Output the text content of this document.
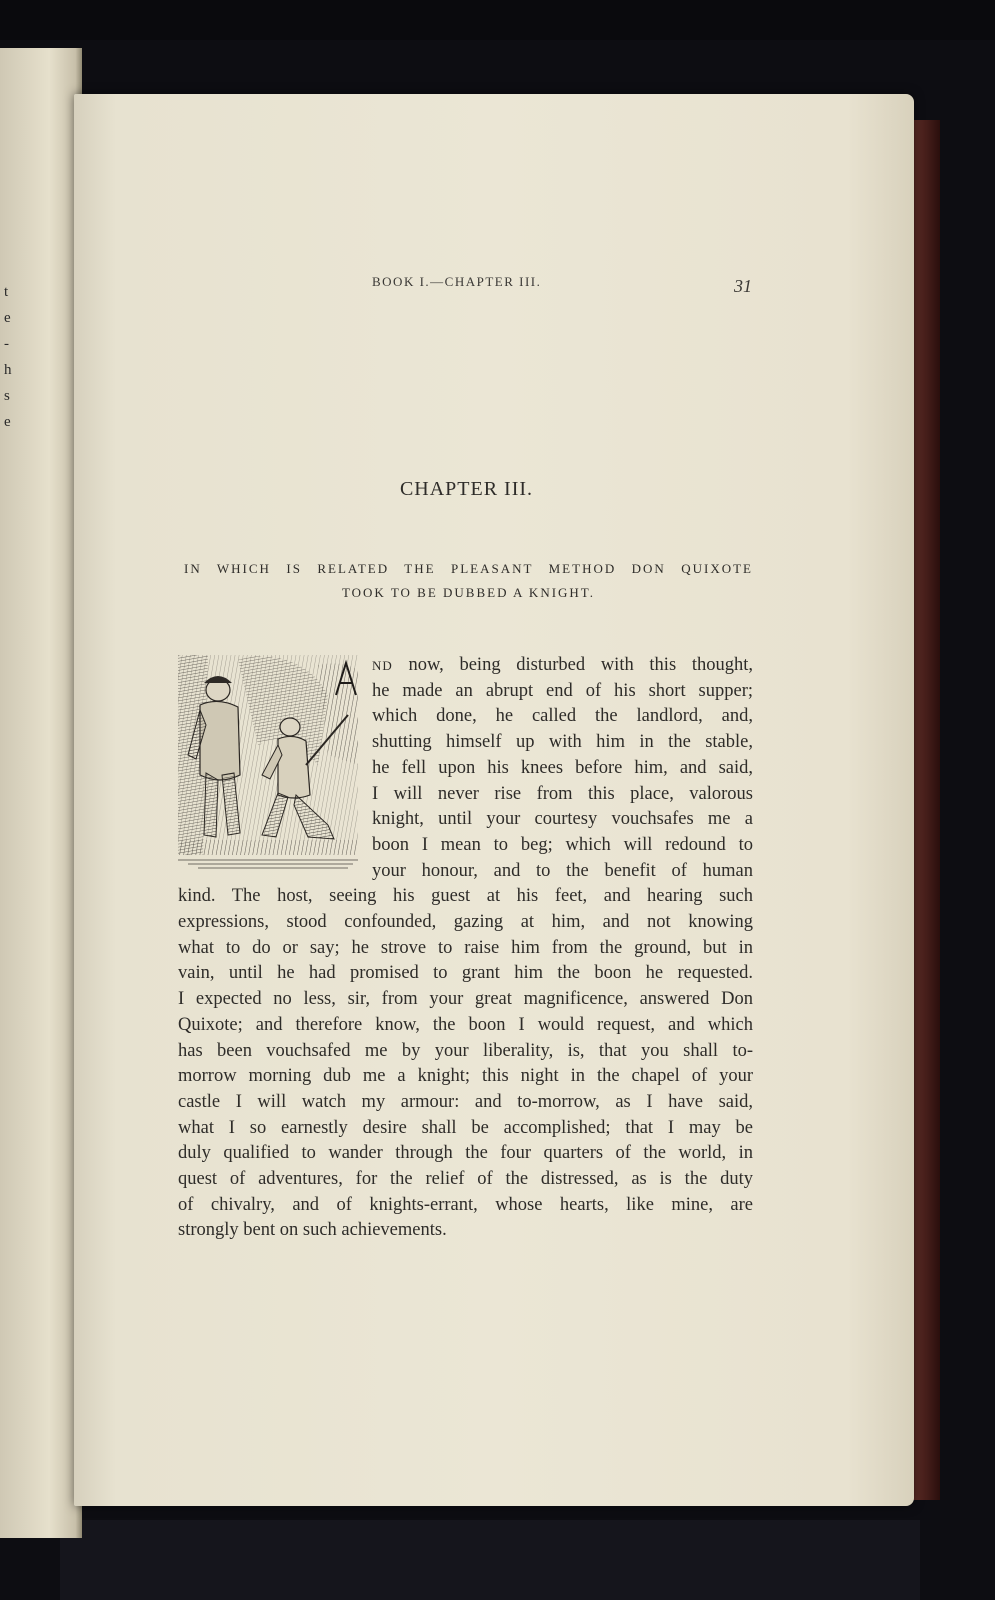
t
e
-
h
s
e
BOOK I.—CHAPTER III.	31
CHAPTER III.
IN WHICH IS RELATED THE PLEASANT METHOD DON QUIXOTE
TOOK TO BE DUBBED A KNIGHT.
ND now, being disturbed with this thought,
he made an abrupt end of his short supper;
which done, he called the landlord, and,
shutting himself up with him in the stable,
he fell upon his knees before him, and said,
I will never rise from this place, valorous
knight, until your courtesy vouchsafes me a
boon I mean to beg; which will redound to
your honour, and to the benefit of human
kind. The host, seeing his guest at his feet, and hearing such
expressions, stood confounded, gazing at him, and not knowing
what to do or say; he strove to raise him from the ground, but in
vain, until he had promised to grant him the boon he requested.
I expected no less, sir, from your great magnificence, answered Don
Quixote; and therefore know, the boon I would request, and which
has been vouchsafed me by your liberality, is, that you shall to-
morrow morning dub me a knight; this night in the chapel of your
castle I will watch my armour: and to-morrow, as I have said,
what I so earnestly desire shall be accomplished; that I may be
duly qualified to wander through the four quarters of the world, in
quest of adventures, for the relief of the distressed, as is the duty
of chivalry, and of knights-errant, whose hearts, like mine, are
strongly bent on such achievements.
